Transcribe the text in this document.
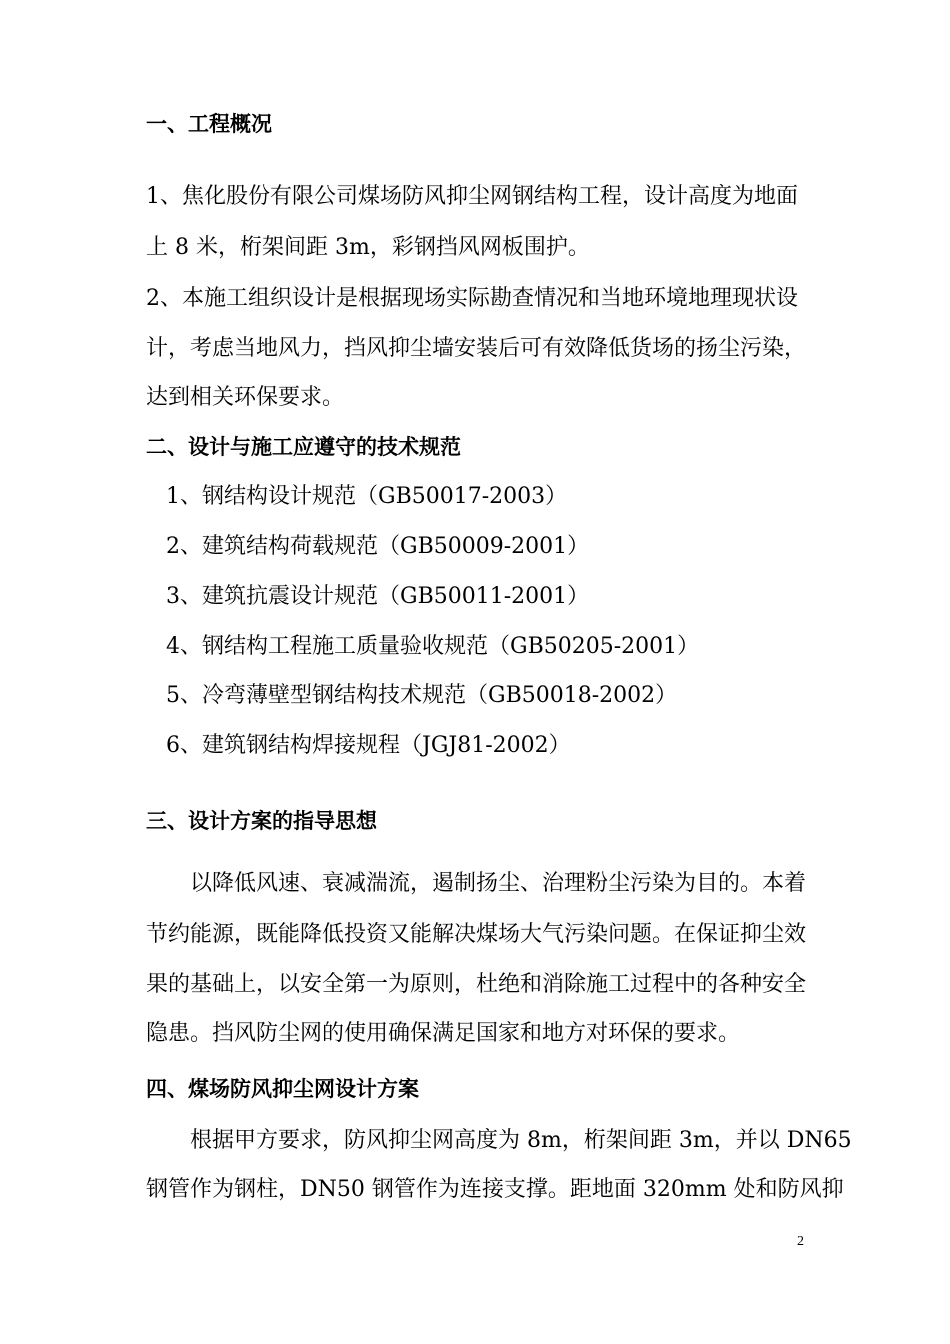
一、工程概况
1、焦化股份有限公司煤场防风抑尘网钢结构工程，设计高度为地面
上 8 米，桁架间距 3m，彩钢挡风网板围护。
2、本施工组织设计是根据现场实际勘查情况和当地环境地理现状设
计，考虑当地风力，挡风抑尘墙安装后可有效降低货场的扬尘污染，
达到相关环保要求。
二、设计与施工应遵守的技术规范
1、钢结构设计规范（GB50017-2003）
2、建筑结构荷载规范（GB50009-2001）
3、建筑抗震设计规范（GB50011-2001）
4、钢结构工程施工质量验收规范（GB50205-2001）
5、冷弯薄壁型钢结构技术规范（GB50018-2002）
6、建筑钢结构焊接规程（JGJ81-2002）
三、设计方案的指导思想
以降低风速、衰减湍流，遏制扬尘、治理粉尘污染为目的。本着
节约能源，既能降低投资又能解决煤场大气污染问题。在保证抑尘效
果的基础上，以安全第一为原则，杜绝和消除施工过程中的各种安全
隐患。挡风防尘网的使用确保满足国家和地方对环保的要求。
四、煤场防风抑尘网设计方案
根据甲方要求，防风抑尘网高度为 8m，桁架间距 3m，并以 DN65
钢管作为钢柱，DN50 钢管作为连接支撑。距地面 320mm 处和防风抑
2
